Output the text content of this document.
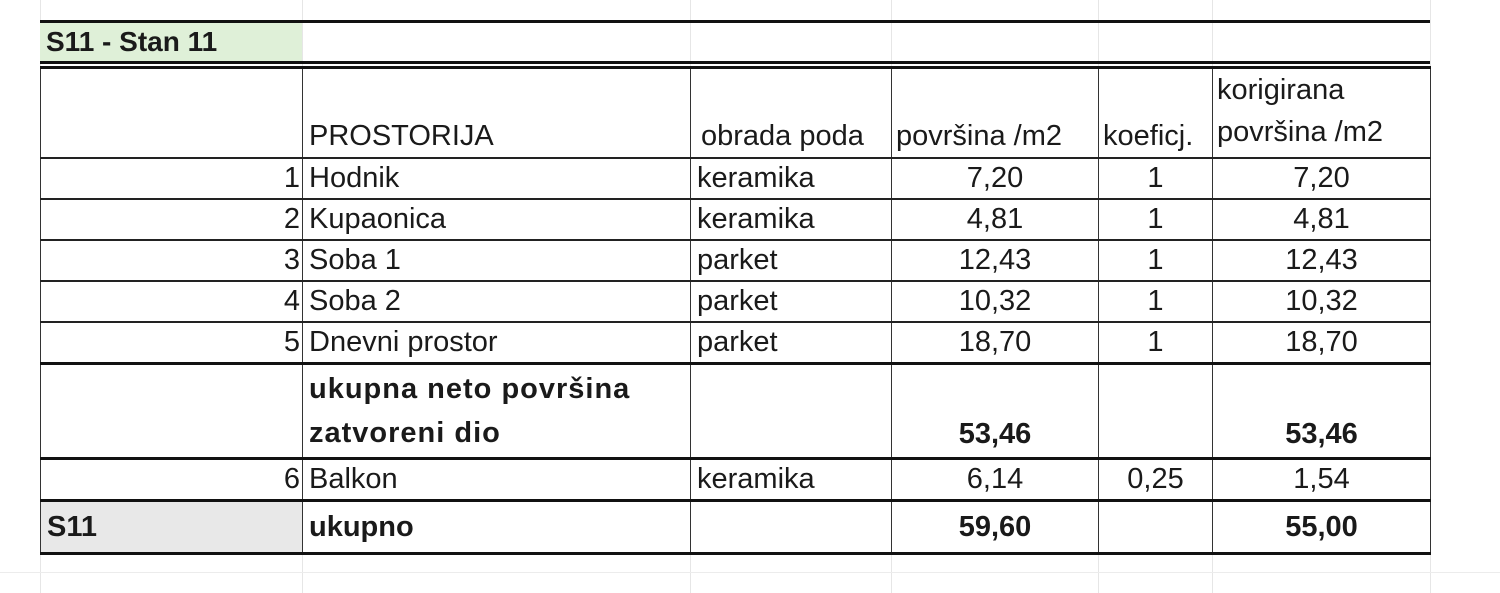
S11 - Stan 11
	PROSTORIJA	obrada poda	površina /m2	koeficj.	korigirana površina /m2
1	Hodnik	keramika	7,20	1	7,20
2	Kupaonica	keramika	4,81	1	4,81
3	Soba 1	parket	12,43	1	12,43
4	Soba 2	parket	10,32	1	10,32
5	Dnevni prostor	parket	18,70	1	18,70
	ukupna neto površina zatvoreni dio		53,46		53,46
6	Balkon	keramika	6,14	0,25	1,54
S11	ukupno		59,60		55,00
